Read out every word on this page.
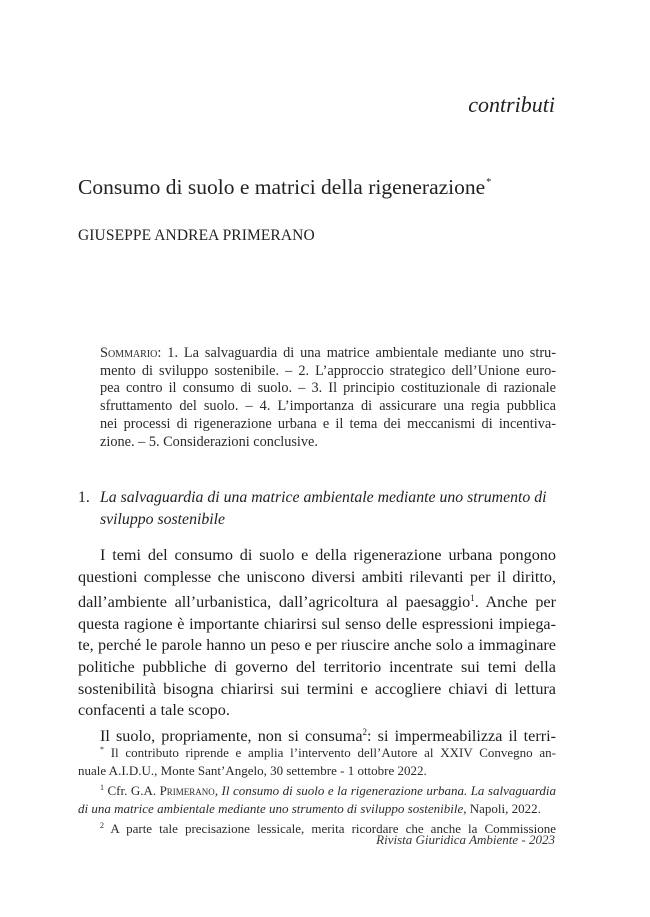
contributi
Consumo di suolo e matrici della rigenerazione*
GIUSEPPE ANDREA PRIMERANO
Sommario: 1. La salvaguardia di una matrice ambientale mediante uno stru-
mento di sviluppo sostenibile. – 2. L’approccio strategico dell’Unione euro-
pea contro il consumo di suolo. – 3. Il principio costituzionale di razionale
sfruttamento del suolo. – 4. L’importanza di assicurare una regia pubblica
nei processi di rigenerazione urbana e il tema dei meccanismi di incentiva-
zione. – 5. Considerazioni conclusive.
1. La salvaguardia di una matrice ambientale mediante uno strumento di
sviluppo sostenibile
I temi del consumo di suolo e della rigenerazione urbana pongono
questioni complesse che uniscono diversi ambiti rilevanti per il diritto,
dall’ambiente all’urbanistica, dall’agricoltura al paesaggio$^1$. Anche per
questa ragione è importante chiarirsi sul senso delle espressioni impiega-
te, perché le parole hanno un peso e per riuscire anche solo a immaginare
politiche pubbliche di governo del territorio incentrate sui temi della
sostenibilità bisogna chiarirsi sui termini e accogliere chiavi di lettura
confacenti a tale scopo.
Il suolo, propriamente, non si consuma$^2$: si impermeabilizza il terri-
* Il contributo riprende e amplia l’intervento dell’Autore al XXIV Convegno an-
nuale A.I.D.U., Monte Sant’Angelo, 30 settembre - 1 ottobre 2022.
$^1$ Cfr. G.A. Primerano, Il consumo di suolo e la rigenerazione urbana. La salvaguardia
di una matrice ambientale mediante uno strumento di sviluppo sostenibile, Napoli, 2022.
$^2$ A parte tale precisazione lessicale, merita ricordare che anche la Commissione
Rivista Giuridica Ambiente - 2023
